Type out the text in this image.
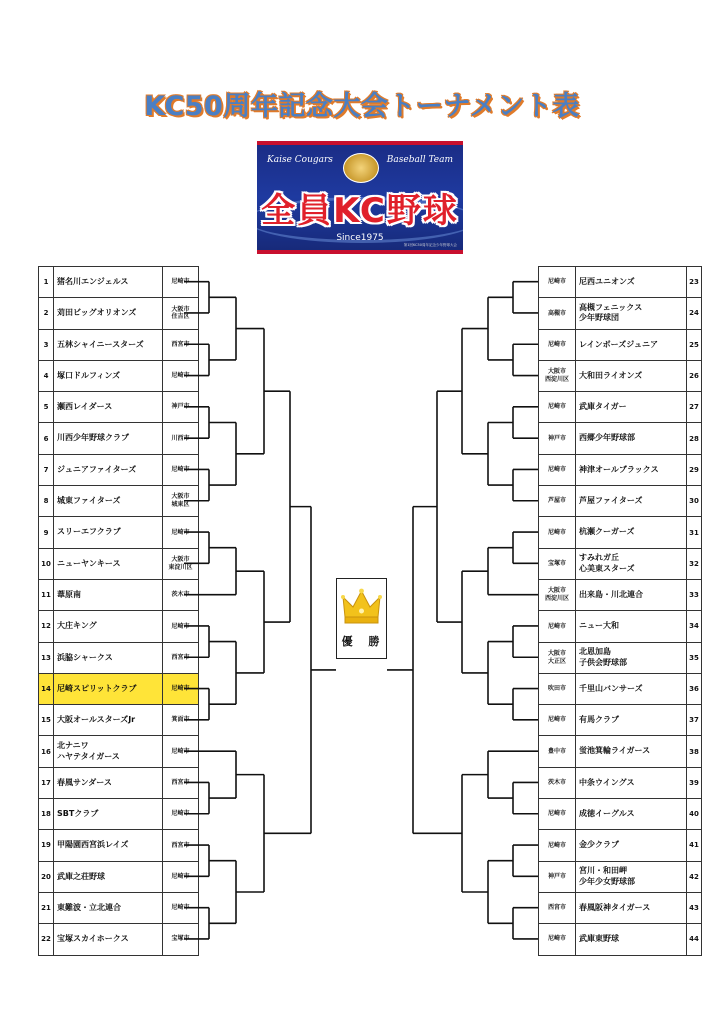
KC50周年記念大会トーナメント表
Kaise Cougars	Baseball Team
全員KC野球
Since1975
第1回KC50周年記念少年野球大会
1	猪名川エンジェルス	尼崎市

2	苅田ビッグオリオンズ	大阪市
住吉区

3	五林シャイニースターズ	西宮市

4	塚口ドルフィンズ	尼崎市

5	瀬西レイダース	神戸市

6	川西少年野球クラブ	川西市

7	ジュニアファイターズ	尼崎市

8	城東ファイターズ	大阪市
城東区

9	スリーエフクラブ	尼崎市

10	ニューヤンキース	大阪市
東淀川区

11	葦原南	茨木市

12	大庄キング	尼崎市

13	浜脇シャークス	西宮市

14	尼崎スピリットクラブ	尼崎市

15	大阪オールスターズJr	箕面市

16	北ナニワ
ハヤテタイガース	尼崎市

17	春風サンダース	西宮市

18	SBTクラブ	尼崎市

19	甲陽園西宮浜レイズ	西宮市

20	武庫之荘野球	尼崎市

21	東難波・立北連合	尼崎市

22	宝塚スカイホークス	宝塚市
尼崎市	尼西ユニオンズ	23

高槻市	高槻フェニックス
少年野球団	24

尼崎市	レインボーズジュニア	25

大阪市
西淀川区	大和田ライオンズ	26

尼崎市	武庫タイガー	27

神戸市	西郷少年野球部	28

尼崎市	神津オールブラックス	29

芦屋市	芦屋ファイターズ	30

尼崎市	杭瀬クーガーズ	31

宝塚市	すみれガ丘
心美東スターズ	32

大阪市
西淀川区	出来島・川北連合	33

尼崎市	ニュー大和	34

大阪市
大正区	北恩加島
子供会野球部	35

吹田市	千里山バンサーズ	36

尼崎市	有馬クラブ	37

豊中市	蛍池箕輪ライガース	38

茨木市	中条ウイングス	39

尼崎市	成徳イーグルス	40

尼崎市	金少クラブ	41

神戸市	宮川・和田岬
少年少女野球部	42

西宮市	春風阪神タイガース	43

尼崎市	武庫東野球	44
優 勝
